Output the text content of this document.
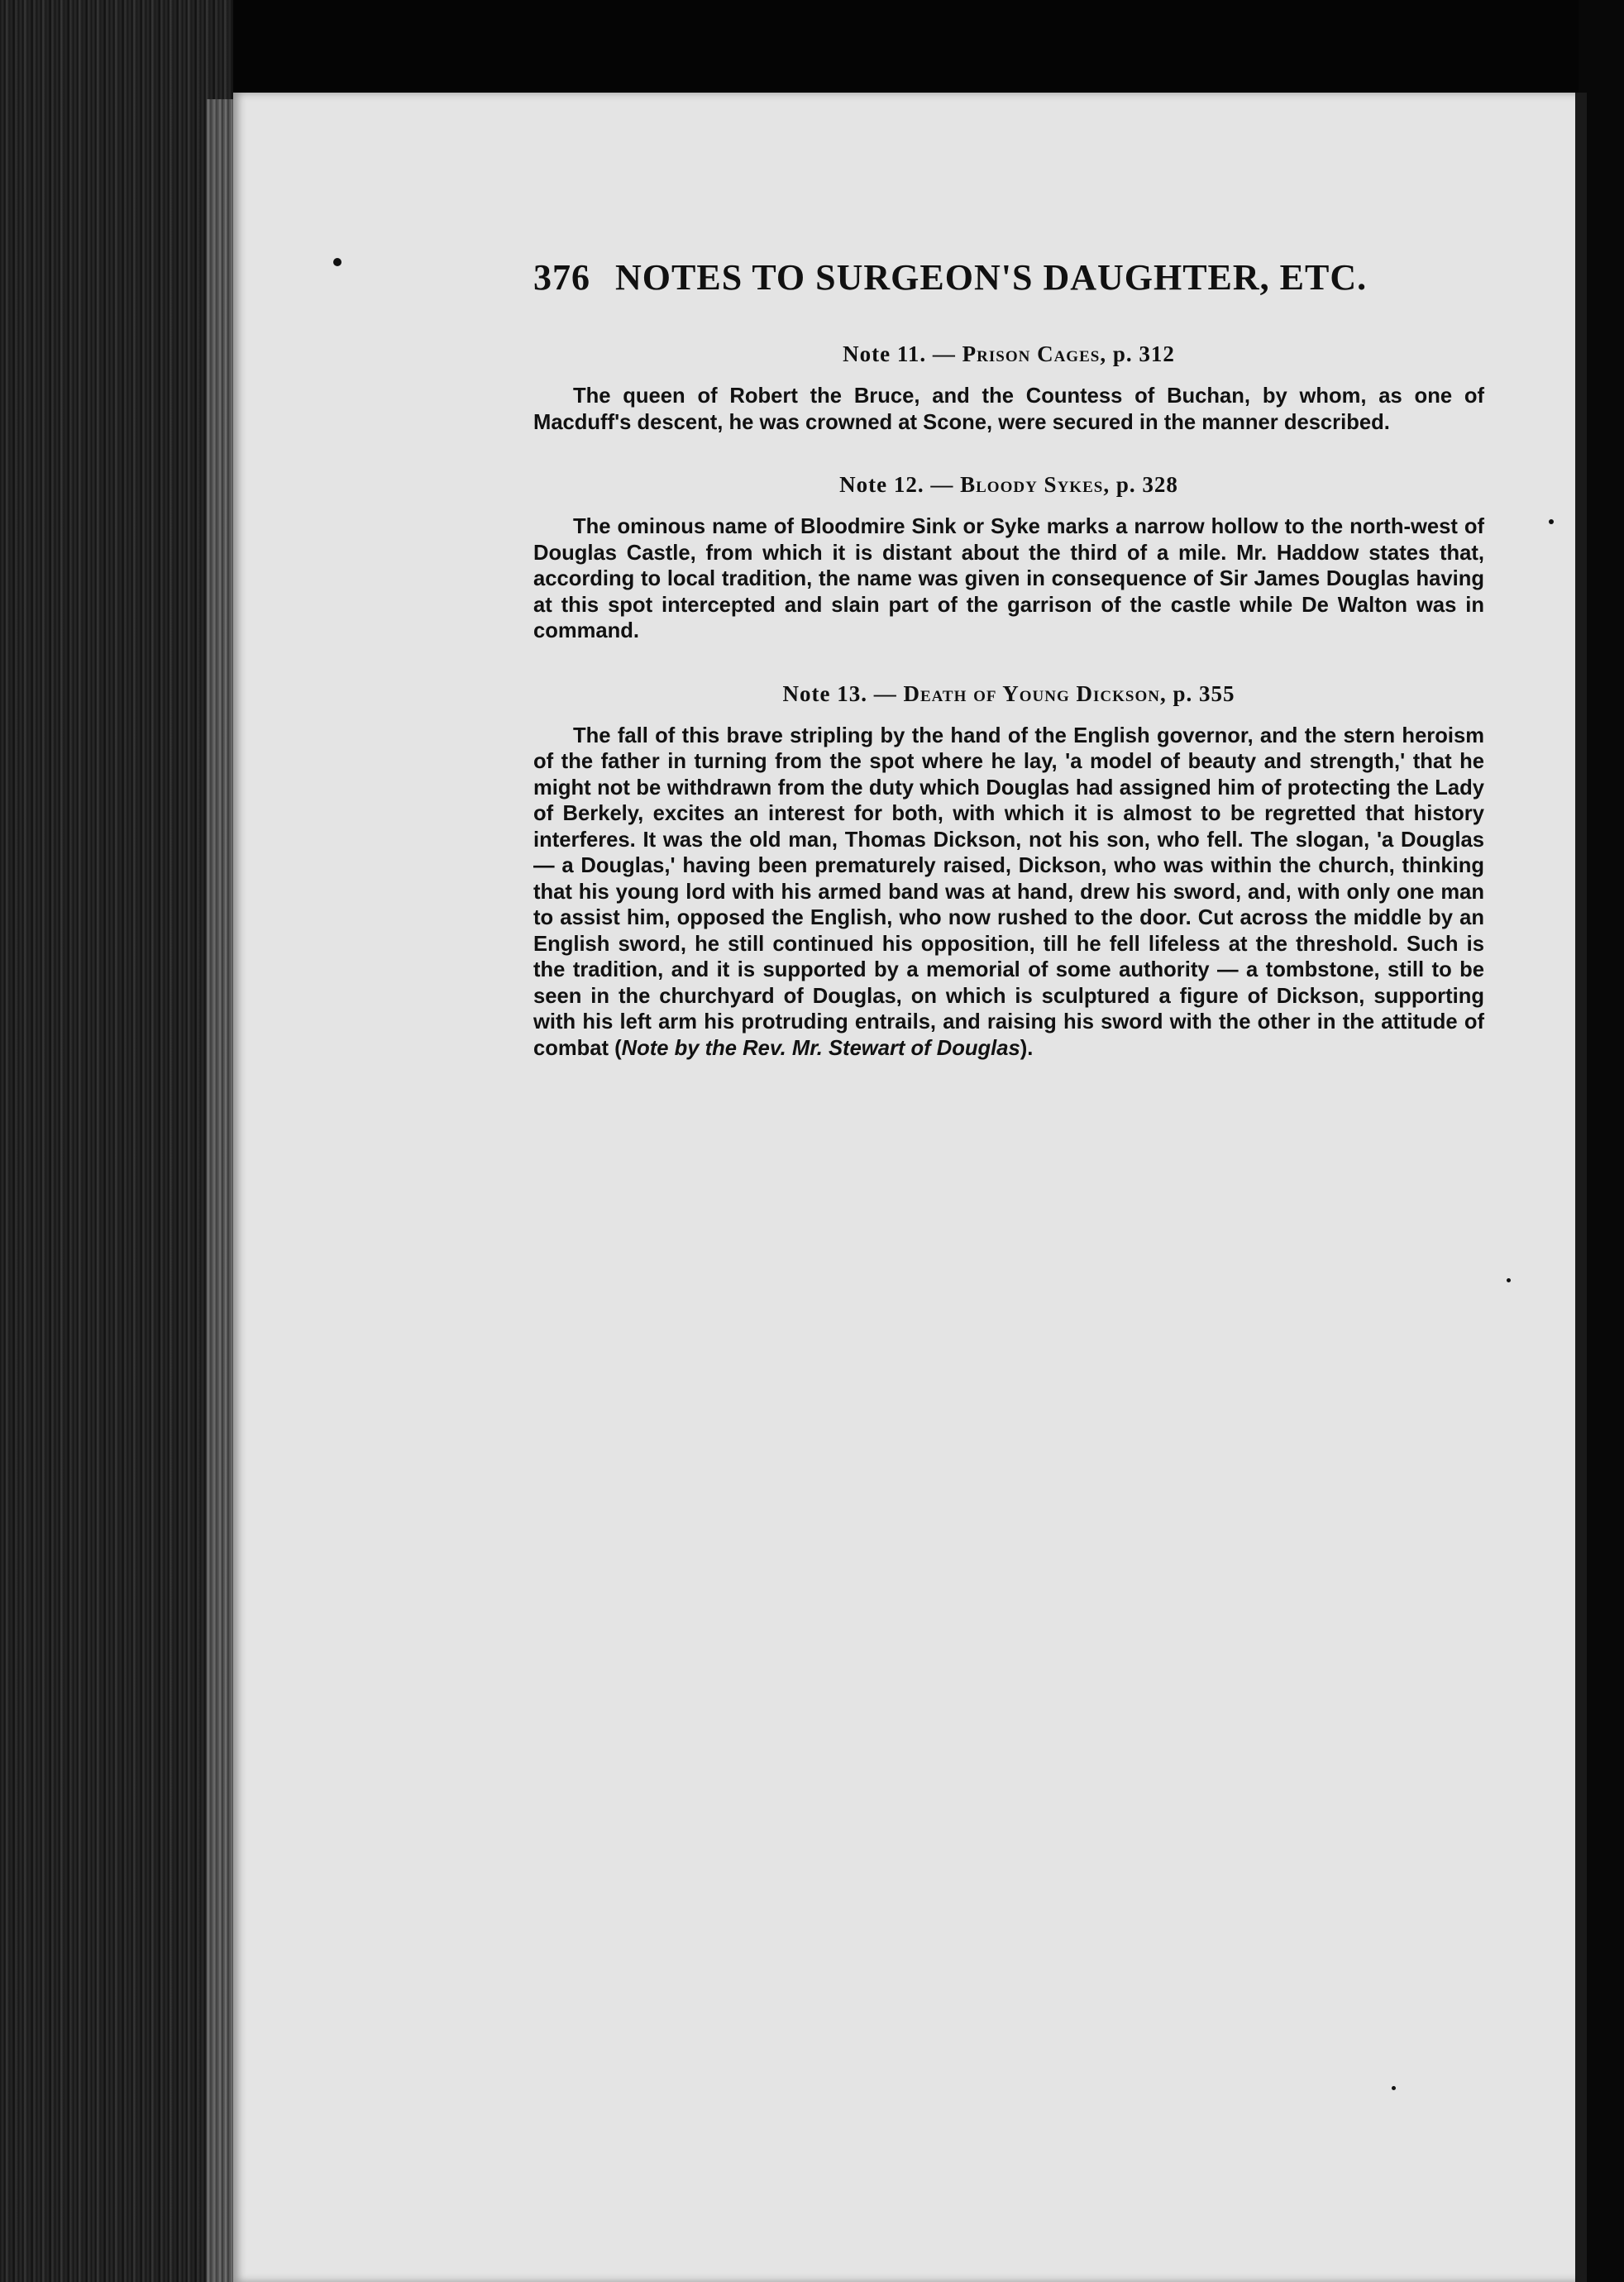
376 NOTES TO SURGEON'S DAUGHTER, ETC.
Note 11. — Prison Cages, p. 312

The queen of Robert the Bruce, and the Countess of Buchan, by whom, as one of Macduff's descent, he was crowned at Scone, were secured in the manner described.

Note 12. — Bloody Sykes, p. 328

The ominous name of Bloodmire Sink or Syke marks a narrow hollow to the north-west of Douglas Castle, from which it is distant about the third of a mile. Mr. Haddow states that, according to local tradition, the name was given in consequence of Sir James Douglas having at this spot intercepted and slain part of the garrison of the castle while De Walton was in command.

Note 13. — Death of Young Dickson, p. 355

The fall of this brave stripling by the hand of the English governor, and the stern heroism of the father in turning from the spot where he lay, 'a model of beauty and strength,' that he might not be withdrawn from the duty which Douglas had assigned him of protecting the Lady of Berkely, excites an interest for both, with which it is almost to be regretted that history interferes. It was the old man, Thomas Dickson, not his son, who fell. The slogan, 'a Douglas — a Douglas,' having been prematurely raised, Dickson, who was within the church, thinking that his young lord with his armed band was at hand, drew his sword, and, with only one man to assist him, opposed the English, who now rushed to the door. Cut across the middle by an English sword, he still continued his opposition, till he fell lifeless at the threshold. Such is the tradition, and it is supported by a memorial of some authority — a tombstone, still to be seen in the churchyard of Douglas, on which is sculptured a figure of Dickson, supporting with his left arm his protruding entrails, and raising his sword with the other in the attitude of combat (Note by the Rev. Mr. Stewart of Douglas).
